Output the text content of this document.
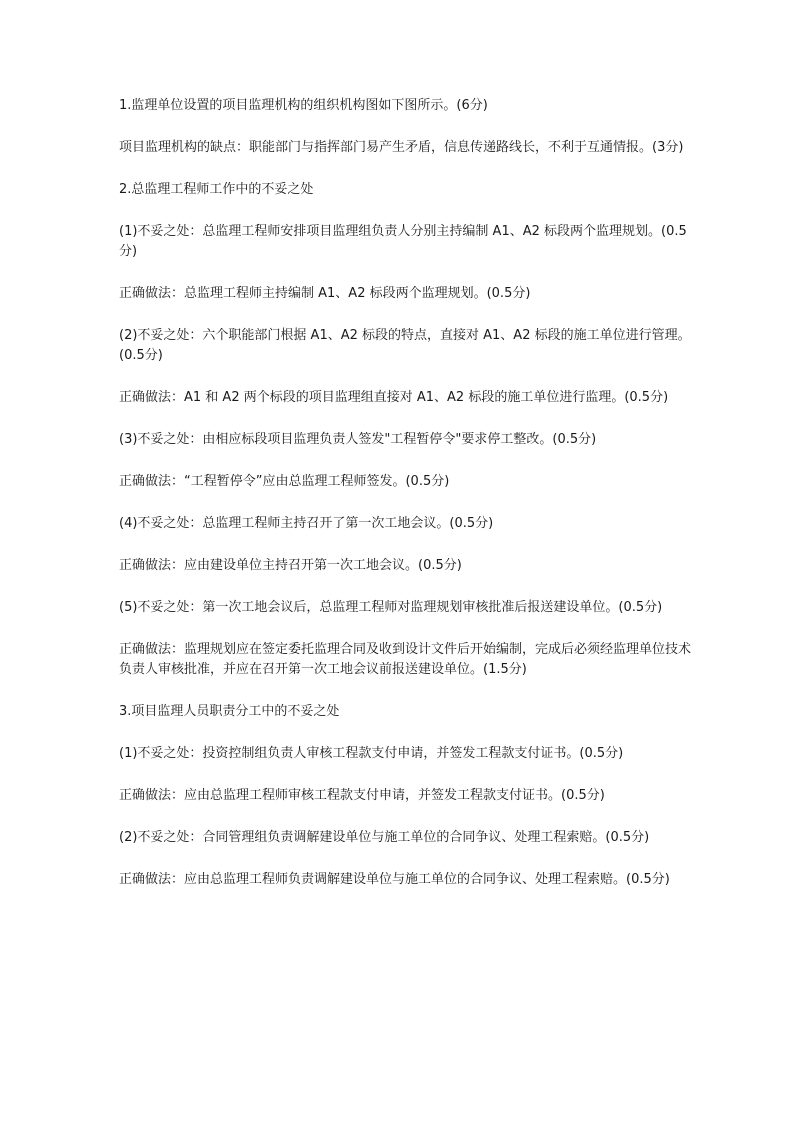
1.监理单位设置的项目监理机构的组织机构图如下图所示。(6分)

项目监理机构的缺点：职能部门与指挥部门易产生矛盾，信息传递路线长，不利于互通情报。(3分)

2.总监理工程师工作中的不妥之处

(1)不妥之处：总监理工程师安排项目监理组负责人分别主持编制 A1、A2 标段两个监理规划。(0.5分)

正确做法：总监理工程师主持编制 A1、A2 标段两个监理规划。(0.5分)

(2)不妥之处：六个职能部门根据 A1、A2 标段的特点，直接对 A1、A2 标段的施工单位进行管理。(0.5分)

正确做法：A1 和 A2 两个标段的项目监理组直接对 A1、A2 标段的施工单位进行监理。(0.5分)

(3)不妥之处：由相应标段项目监理负责人签发"工程暂停令"要求停工整改。(0.5分)

正确做法：“工程暂停令”应由总监理工程师签发。(0.5分)

(4)不妥之处：总监理工程师主持召开了第一次工地会议。(0.5分)

正确做法：应由建设单位主持召开第一次工地会议。(0.5分)

(5)不妥之处：第一次工地会议后，总监理工程师对监理规划审核批准后报送建设单位。(0.5分)

正确做法：监理规划应在签定委托监理合同及收到设计文件后开始编制，完成后必须经监理单位技术负责人审核批准，并应在召开第一次工地会议前报送建设单位。(1.5分)

3.项目监理人员职责分工中的不妥之处

(1)不妥之处：投资控制组负责人审核工程款支付申请，并签发工程款支付证书。(0.5分)

正确做法：应由总监理工程师审核工程款支付申请，并签发工程款支付证书。(0.5分)

(2)不妥之处：合同管理组负责调解建设单位与施工单位的合同争议、处理工程索赔。(0.5分)

正确做法：应由总监理工程师负责调解建设单位与施工单位的合同争议、处理工程索赔。(0.5分)
